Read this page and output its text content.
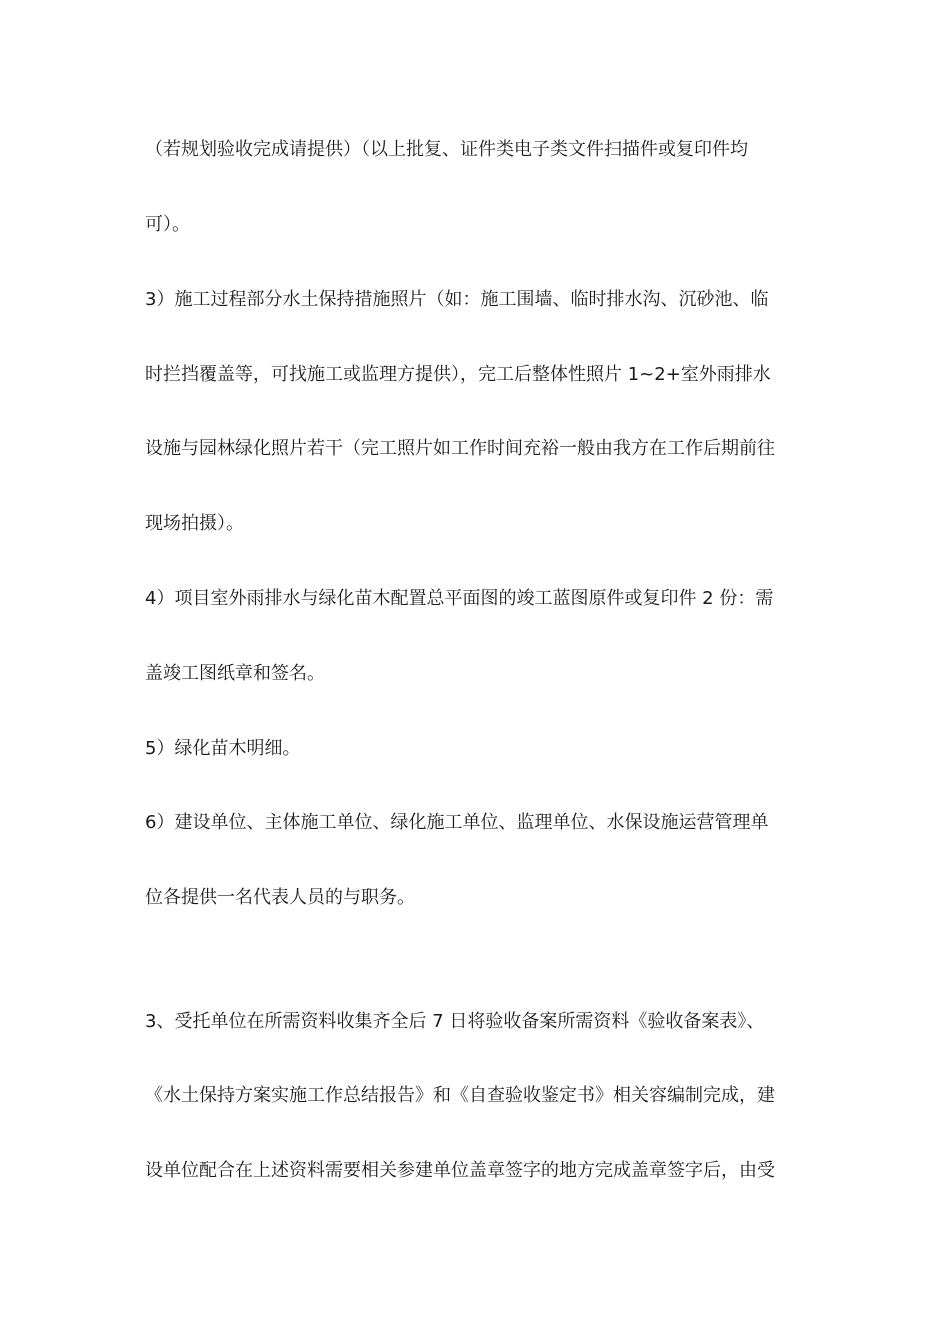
（若规划验收完成请提供）（以上批复、证件类电子类文件扫描件或复印件均
可）。
3）施工过程部分水土保持措施照片（如：施工围墙、临时排水沟、沉砂池、临
时拦挡覆盖等，可找施工或监理方提供），完工后整体性照片 1~2+室外雨排水
设施与园林绿化照片若干（完工照片如工作时间充裕一般由我方在工作后期前往
现场拍摄）。
4）项目室外雨排水与绿化苗木配置总平面图的竣工蓝图原件或复印件 2 份：需
盖竣工图纸章和签名。
5）绿化苗木明细。
6）建设单位、主体施工单位、绿化施工单位、监理单位、水保设施运营管理单
位各提供一名代表人员的与职务。
3、受托单位在所需资料收集齐全后 7 日将验收备案所需资料《验收备案表》、
《水土保持方案实施工作总结报告》和《自查验收鉴定书》相关容编制完成，建
设单位配合在上述资料需要相关参建单位盖章签字的地方完成盖章签字后，由受
